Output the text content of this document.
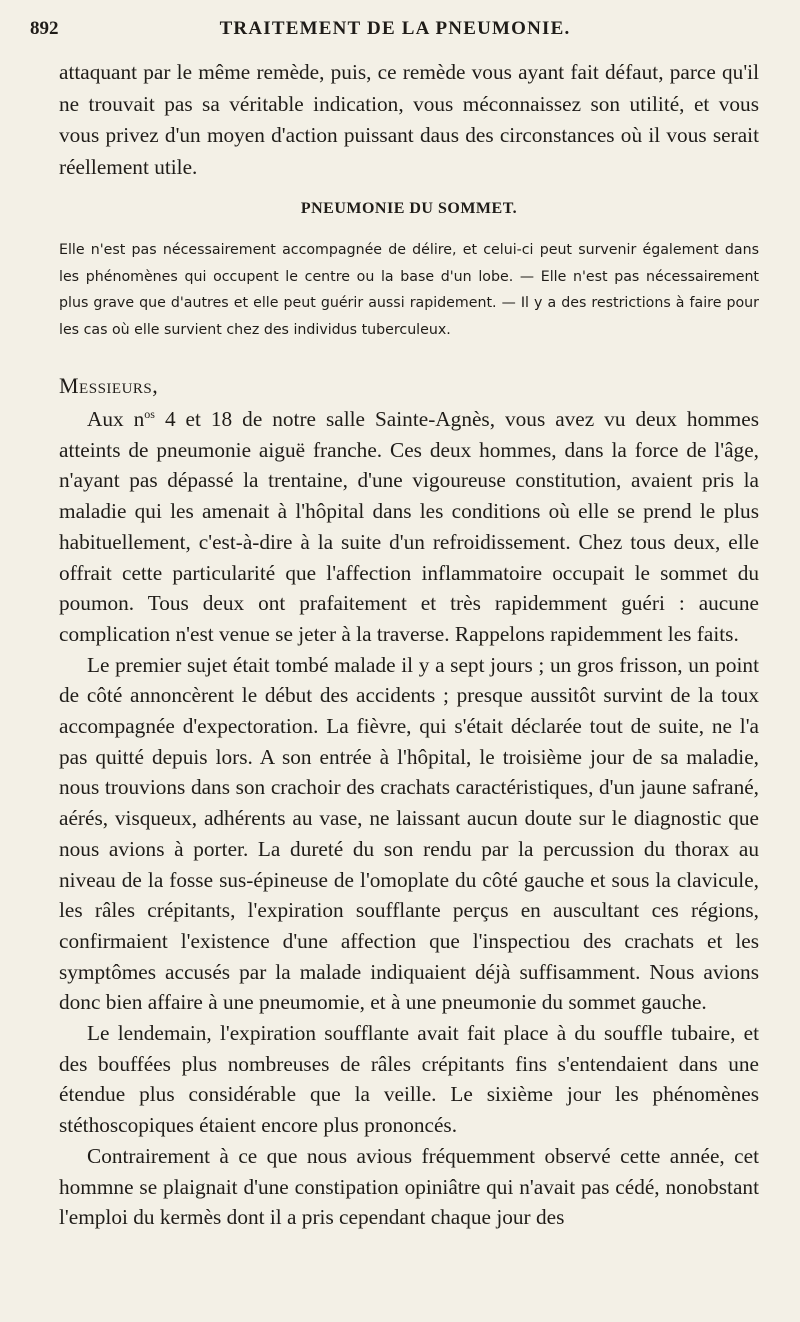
892	TRAITEMENT DE LA PNEUMONIE.

attaquant par le même remède, puis, ce remède vous ayant fait défaut, parce qu'il ne trouvait pas sa véritable indication, vous méconnaissez son utilité, et vous vous privez d'un moyen d'action puissant daus des circonstances où il vous serait réellement utile.

PNEUMONIE DU SOMMET.

Elle n'est pas nécessairement accompagnée de délire, et celui-ci peut survenir également dans les phénomènes qui occupent le centre ou la base d'un lobe. — Elle n'est pas nécessairement plus grave que d'autres et elle peut guérir aussi rapidement. — Il y a des restrictions à faire pour les cas où elle survient chez des individus tuberculeux.

Messieurs,

Aux $n^{os}$ 4 et 18 de notre salle Sainte-Agnès, vous avez vu deux hommes atteints de pneumonie aiguë franche. Ces deux hommes, dans la force de l'âge, n'ayant pas dépassé la trentaine, d'une vigoureuse constitution, avaient pris la maladie qui les amenait à l'hôpital dans les conditions où elle se prend le plus habituellement, c'est-à-dire à la suite d'un refroidissement. Chez tous deux, elle offrait cette particularité que l'affection inflammatoire occupait le sommet du poumon. Tous deux ont prafaitement et très rapidemment guéri : aucune complication n'est venue se jeter à la traverse. Rappelons rapidemment les faits.

Le premier sujet était tombé malade il y a sept jours ; un gros frisson, un point de côté annoncèrent le début des accidents ; presque aussitôt survint de la toux accompagnée d'expectoration. La fièvre, qui s'était déclarée tout de suite, ne l'a pas quitté depuis lors. A son entrée à l'hôpital, le troisième jour de sa maladie, nous trouvions dans son crachoir des crachats caractéristiques, d'un jaune safrané, aérés, visqueux, adhérents au vase, ne laissant aucun doute sur le diagnostic que nous avions à porter. La dureté du son rendu par la percussion du thorax au niveau de la fosse sus-épineuse de l'omoplate du côté gauche et sous la clavicule, les râles crépitants, l'expiration soufflante perçus en auscultant ces régions, confirmaient l'existence d'une affection que l'inspectiou des crachats et les symptômes accusés par la malade indiquaient déjà suffisamment. Nous avions donc bien affaire à une pneumomie, et à une pneumonie du sommet gauche.

Le lendemain, l'expiration soufflante avait fait place à du souffle tubaire, et des bouffées plus nombreuses de râles crépitants fins s'entendaient dans une étendue plus considérable que la veille. Le sixième jour les phénomènes stéthoscopiques étaient encore plus prononcés.

Contrairement à ce que nous avious fréquemment observé cette année, cet hommne se plaignait d'une constipation opiniâtre qui n'avait pas cédé, nonobstant l'emploi du kermès dont il a pris cependant chaque jour des
